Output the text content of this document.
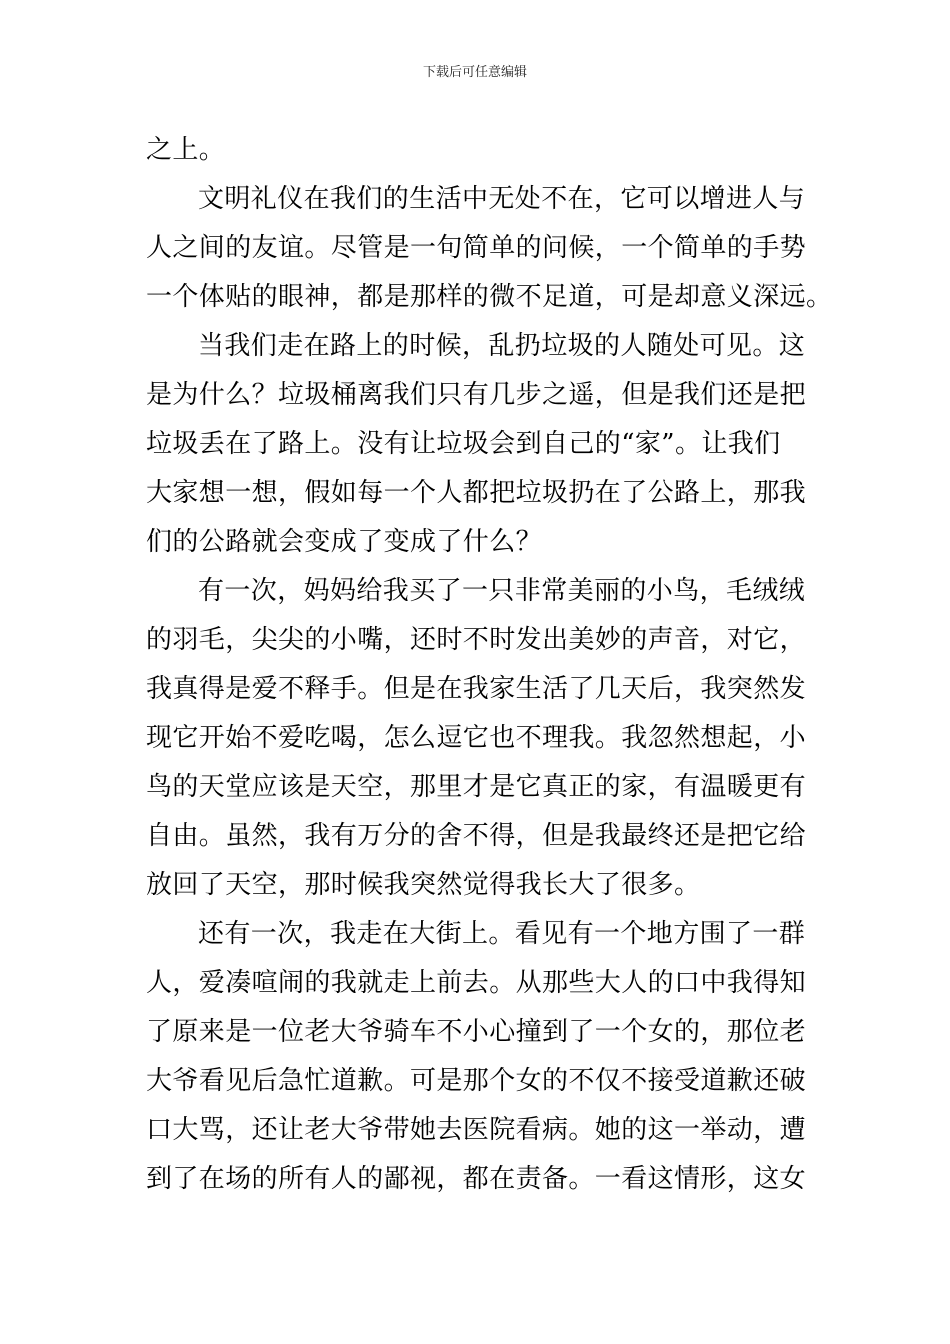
下载后可任意编辑
之上。
文明礼仪在我们的生活中无处不在，它可以增进人与
人之间的友谊。尽管是一句简单的问候，一个简单的手势
一个体贴的眼神，都是那样的微不足道，可是却意义深远。
当我们走在路上的时候，乱扔垃圾的人随处可见。这
是为什么？垃圾桶离我们只有几步之遥，但是我们还是把
垃圾丢在了路上。没有让垃圾会到自己的“家”。让我们
大家想一想，假如每一个人都把垃圾扔在了公路上，那我
们的公路就会变成了变成了什么？
有一次，妈妈给我买了一只非常美丽的小鸟，毛绒绒
的羽毛，尖尖的小嘴，还时不时发出美妙的声音，对它，
我真得是爱不释手。但是在我家生活了几天后，我突然发
现它开始不爱吃喝，怎么逗它也不理我。我忽然想起，小
鸟的天堂应该是天空，那里才是它真正的家，有温暖更有
自由。虽然，我有万分的舍不得，但是我最终还是把它给
放回了天空，那时候我突然觉得我长大了很多。
还有一次，我走在大街上。看见有一个地方围了一群
人，爱凑喧闹的我就走上前去。从那些大人的口中我得知
了原来是一位老大爷骑车不小心撞到了一个女的，那位老
大爷看见后急忙道歉。可是那个女的不仅不接受道歉还破
口大骂，还让老大爷带她去医院看病。她的这一举动，遭
到了在场的所有人的鄙视，都在责备。一看这情形，这女
